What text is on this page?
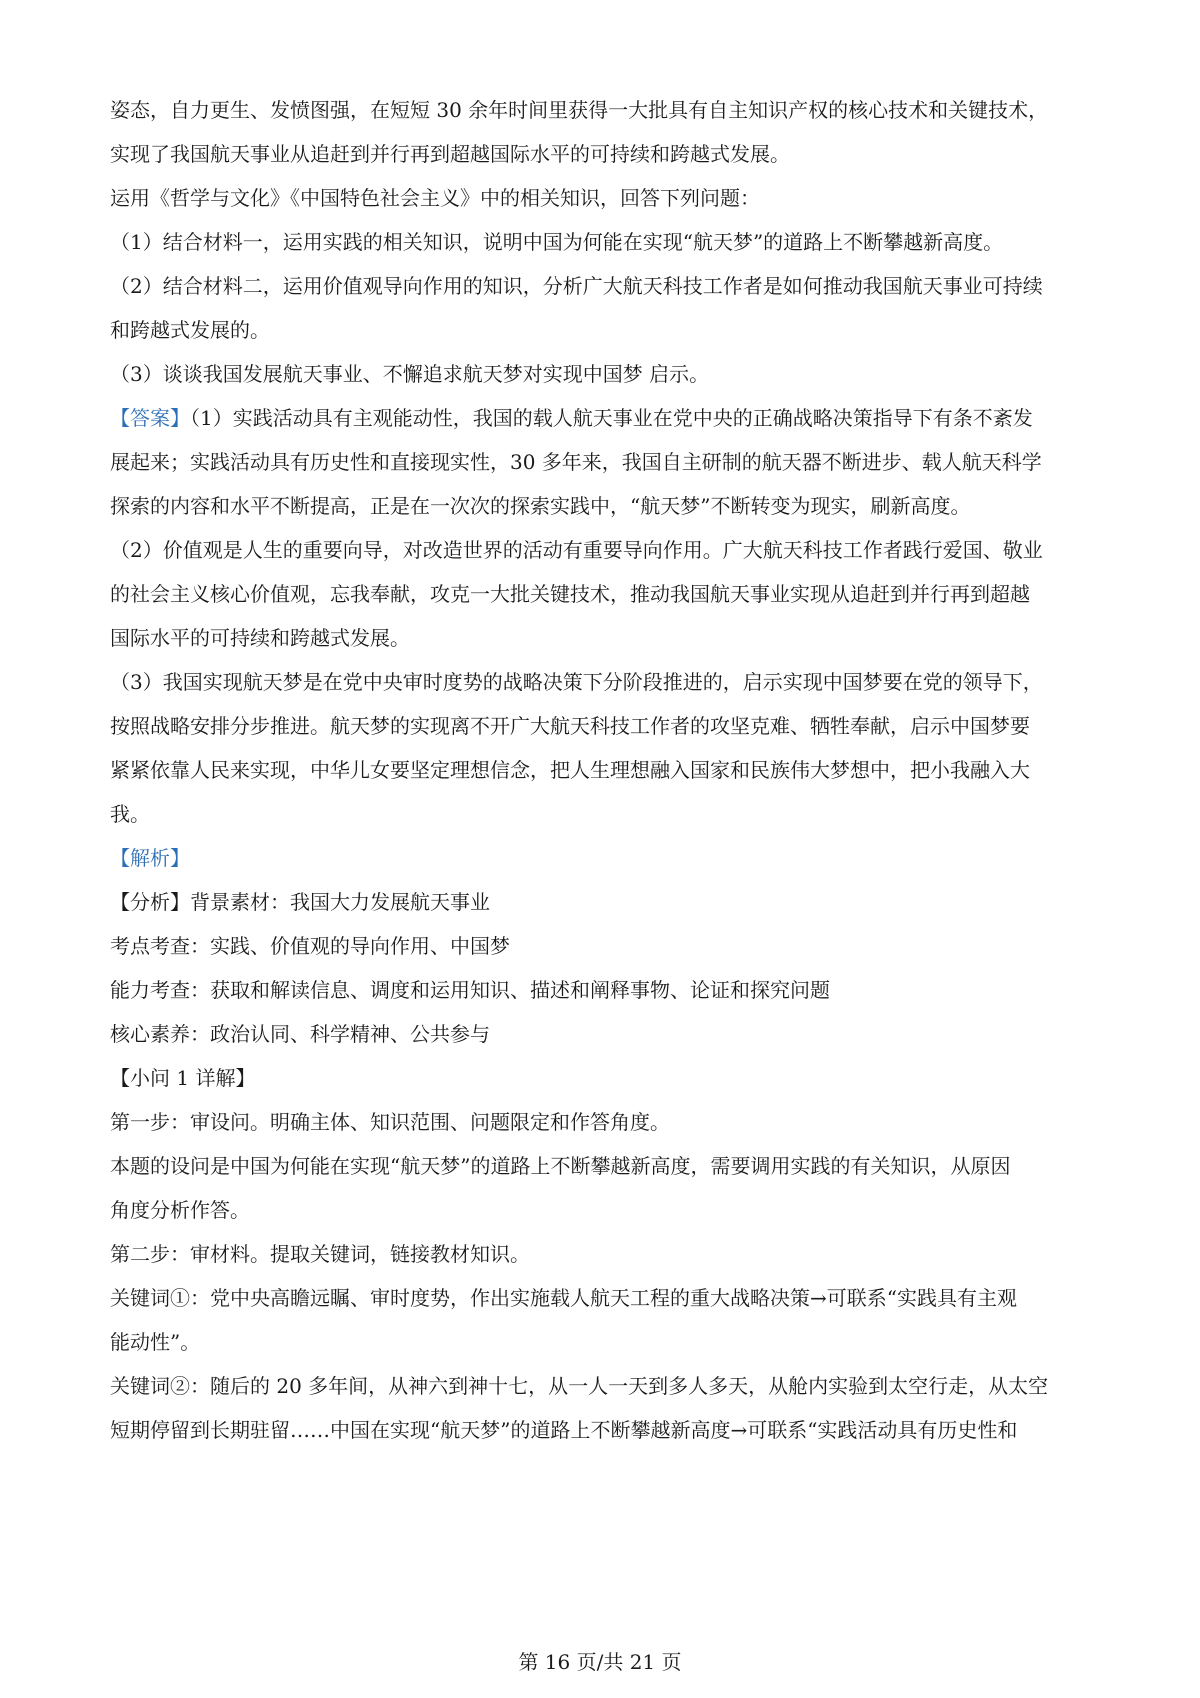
姿态，自力更生、发愤图强，在短短 30 余年时间里获得一大批具有自主知识产权的核心技术和关键技术，
实现了我国航天事业从追赶到并行再到超越国际水平的可持续和跨越式发展。
运用《哲学与文化》《中国特色社会主义》中的相关知识，回答下列问题：
（1）结合材料一，运用实践的相关知识，说明中国为何能在实现“航天梦”的道路上不断攀越新高度。
（2）结合材料二，运用价值观导向作用的知识，分析广大航天科技工作者是如何推动我国航天事业可持续
和跨越式发展的。
（3）谈谈我国发展航天事业、不懈追求航天梦对实现中国梦 启示。
【答案】（1）实践活动具有主观能动性，我国的载人航天事业在党中央的正确战略决策指导下有条不紊发
展起来；实践活动具有历史性和直接现实性，30 多年来，我国自主研制的航天器不断进步、载人航天科学
探索的内容和水平不断提高，正是在一次次的探索实践中，“航天梦”不断转变为现实，刷新高度。
（2）价值观是人生的重要向导，对改造世界的活动有重要导向作用。广大航天科技工作者践行爱国、敬业
的社会主义核心价值观，忘我奉献，攻克一大批关键技术，推动我国航天事业实现从追赶到并行再到超越
国际水平的可持续和跨越式发展。
（3）我国实现航天梦是在党中央审时度势的战略决策下分阶段推进的，启示实现中国梦要在党的领导下，
按照战略安排分步推进。航天梦的实现离不开广大航天科技工作者的攻坚克难、牺牲奉献，启示中国梦要
紧紧依靠人民来实现，中华儿女要坚定理想信念，把人生理想融入国家和民族伟大梦想中，把小我融入大
我。
【解析】
【分析】背景素材：我国大力发展航天事业
考点考查：实践、价值观的导向作用、中国梦
能力考查：获取和解读信息、调度和运用知识、描述和阐释事物、论证和探究问题
核心素养：政治认同、科学精神、公共参与
【小问 1 详解】
第一步：审设问。明确主体、知识范围、问题限定和作答角度。
本题的设问是中国为何能在实现“航天梦”的道路上不断攀越新高度，需要调用实践的有关知识，从原因
角度分析作答。
第二步：审材料。提取关键词，链接教材知识。
关键词①：党中央高瞻远瞩、审时度势，作出实施载人航天工程的重大战略决策→可联系“实践具有主观
能动性”。
关键词②：随后的 20 多年间，从神六到神十七，从一人一天到多人多天，从舱内实验到太空行走，从太空
短期停留到长期驻留……中国在实现“航天梦”的道路上不断攀越新高度→可联系“实践活动具有历史性和
第 16 页/共 21 页
